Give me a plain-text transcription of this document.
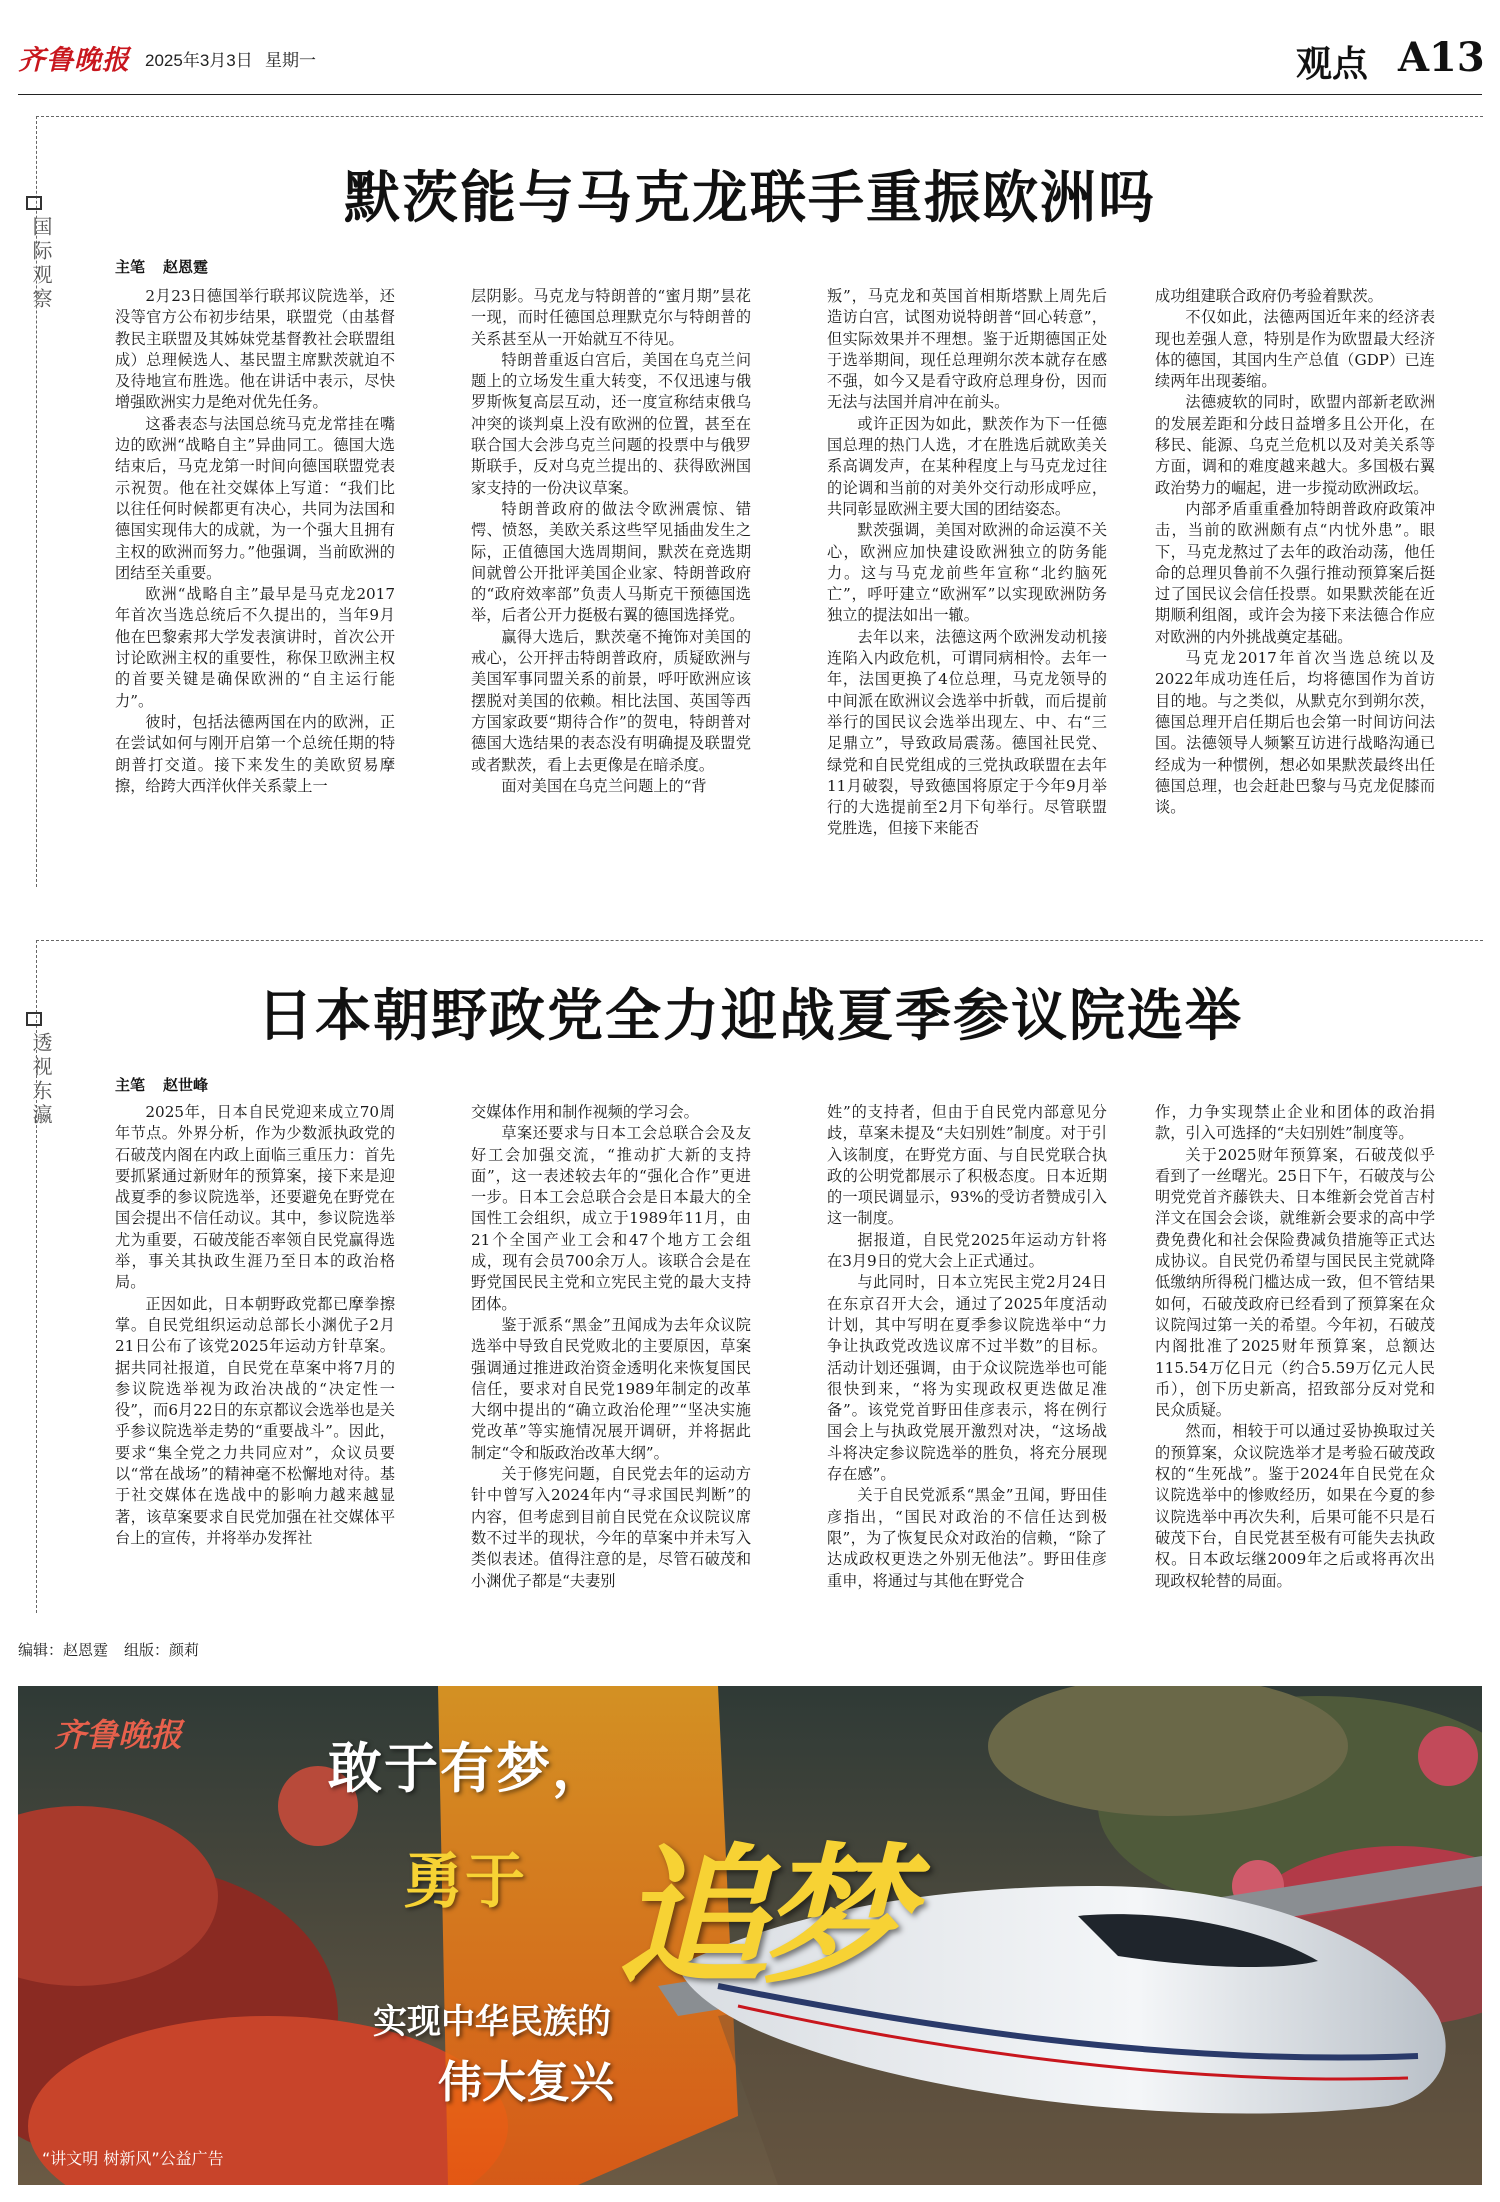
齐鲁晚报 2025年3月3日 星期一	观点 A13
默茨能与马克龙联手重振欧洲吗
国际观察	主笔 赵恩霆

2月23日德国举行联邦议院选举，还没等官方公布初步结果，联盟党（由基督教民主联盟及其姊妹党基督教社会联盟组成）总理候选人、基民盟主席默茨就迫不及待地宣布胜选。他在讲话中表示，尽快增强欧洲实力是绝对优先任务。

这番表态与法国总统马克龙常挂在嘴边的欧洲“战略自主”异曲同工。德国大选结束后，马克龙第一时间向德国联盟党表示祝贺。他在社交媒体上写道：“我们比以往任何时候都更有决心，共同为法国和德国实现伟大的成就，为一个强大且拥有主权的欧洲而努力。”他强调，当前欧洲的团结至关重要。

欧洲“战略自主”最早是马克龙2017年首次当选总统后不久提出的，当年9月他在巴黎索邦大学发表演讲时，首次公开讨论欧洲主权的重要性，称保卫欧洲主权的首要关键是确保欧洲的“自主运行能力”。

彼时，包括法德两国在内的欧洲，正在尝试如何与刚开启第一个总统任期的特朗普打交道。接下来发生的美欧贸易摩擦，给跨大西洋伙伴关系蒙上一

层阴影。马克龙与特朗普的“蜜月期”昙花一现，而时任德国总理默克尔与特朗普的关系甚至从一开始就互不待见。

特朗普重返白宫后，美国在乌克兰问题上的立场发生重大转变，不仅迅速与俄罗斯恢复高层互动，还一度宣称结束俄乌冲突的谈判桌上没有欧洲的位置，甚至在联合国大会涉乌克兰问题的投票中与俄罗斯联手，反对乌克兰提出的、获得欧洲国家支持的一份决议草案。

特朗普政府的做法令欧洲震惊、错愕、愤怒，美欧关系这些罕见插曲发生之际，正值德国大选周期间，默茨在竞选期间就曾公开批评美国企业家、特朗普政府的“政府效率部”负责人马斯克干预德国选举，后者公开力挺极右翼的德国选择党。

赢得大选后，默茨毫不掩饰对美国的戒心，公开抨击特朗普政府，质疑欧洲与美国军事同盟关系的前景，呼吁欧洲应该摆脱对美国的依赖。相比法国、英国等西方国家政要“期待合作”的贺电，特朗普对德国大选结果的表态没有明确提及联盟党或者默茨，看上去更像是在暗杀度。

面对美国在乌克兰问题上的“背

叛”，马克龙和英国首相斯塔默上周先后造访白宫，试图劝说特朗普“回心转意”，但实际效果并不理想。鉴于近期德国正处于选举期间，现任总理朔尔茨本就存在感不强，如今又是看守政府总理身份，因而无法与法国并肩冲在前头。

或许正因为如此，默茨作为下一任德国总理的热门人选，才在胜选后就欧美关系高调发声，在某种程度上与马克龙过往的论调和当前的对美外交行动形成呼应，共同彰显欧洲主要大国的团结姿态。

默茨强调，美国对欧洲的命运漠不关心，欧洲应加快建设欧洲独立的防务能力。这与马克龙前些年宣称“北约脑死亡”，呼吁建立“欧洲军”以实现欧洲防务独立的提法如出一辙。

去年以来，法德这两个欧洲发动机接连陷入内政危机，可谓同病相怜。去年一年，法国更换了4位总理，马克龙领导的中间派在欧洲议会选举中折戟，而后提前举行的国民议会选举出现左、中、右“三足鼎立”，导致政局震荡。德国社民党、绿党和自民党组成的三党执政联盟在去年11月破裂，导致德国将原定于今年9月举行的大选提前至2月下旬举行。尽管联盟党胜选，但接下来能否

成功组建联合政府仍考验着默茨。

不仅如此，法德两国近年来的经济表现也差强人意，特别是作为欧盟最大经济体的德国，其国内生产总值（GDP）已连续两年出现萎缩。

法德疲软的同时，欧盟内部新老欧洲的发展差距和分歧日益增多且公开化，在移民、能源、乌克兰危机以及对美关系等方面，调和的难度越来越大。多国极右翼政治势力的崛起，进一步搅动欧洲政坛。

内部矛盾重重叠加特朗普政府政策冲击，当前的欧洲颇有点“内忧外患”。眼下，马克龙熬过了去年的政治动荡，他任命的总理贝鲁前不久强行推动预算案后挺过了国民议会信任投票。如果默茨能在近期顺利组阁，或许会为接下来法德合作应对欧洲的内外挑战奠定基础。

马克龙2017年首次当选总统以及2022年成功连任后，均将德国作为首访目的地。与之类似，从默克尔到朔尔茨，德国总理开启任期后也会第一时间访问法国。法德领导人频繁互访进行战略沟通已经成为一种惯例，想必如果默茨最终出任德国总理，也会赶赴巴黎与马克龙促膝而谈。

日本朝野政党全力迎战夏季参议院选举
透视东瀛	主笔 赵世峰

2025年，日本自民党迎来成立70周年节点。外界分析，作为少数派执政党的石破茂内阁在内政上面临三重压力：首先要抓紧通过新财年的预算案，接下来是迎战夏季的参议院选举，还要避免在野党在国会提出不信任动议。其中，参议院选举尤为重要，石破茂能否率领自民党赢得选举，事关其执政生涯乃至日本的政治格局。

正因如此，日本朝野政党都已摩拳擦掌。自民党组织运动总部长小渊优子2月21日公布了该党2025年运动方针草案。据共同社报道，自民党在草案中将7月的参议院选举视为政治决战的“决定性一役”，而6月22日的东京都议会选举也是关乎参议院选举走势的“重要战斗”。因此，要求“集全党之力共同应对”，众议员要以“常在战场”的精神毫不松懈地对待。基于社交媒体在选战中的影响力越来越显著，该草案要求自民党加强在社交媒体平台上的宣传，并将举办发挥社

交媒体作用和制作视频的学习会。

草案还要求与日本工会总联合会及友好工会加强交流，“推动扩大新的支持面”，这一表述较去年的“强化合作”更进一步。日本工会总联合会是日本最大的全国性工会组织，成立于1989年11月，由21个全国产业工会和47个地方工会组成，现有会员700余万人。该联合会是在野党国民民主党和立宪民主党的最大支持团体。

鉴于派系“黑金”丑闻成为去年众议院选举中导致自民党败北的主要原因，草案强调通过推进政治资金透明化来恢复国民信任，要求对自民党1989年制定的改革大纲中提出的“确立政治伦理”“坚决实施党改革”等实施情况展开调研，并将据此制定“令和版政治改革大纲”。

关于修宪问题，自民党去年的运动方针中曾写入2024年内“寻求国民判断”的内容，但考虑到目前自民党在众议院议席数不过半的现状，今年的草案中并未写入类似表述。值得注意的是，尽管石破茂和小渊优子都是“夫妻别

姓”的支持者，但由于自民党内部意见分歧，草案未提及“夫妇别姓”制度。对于引入该制度，在野党方面、与自民党联合执政的公明党都展示了积极态度。日本近期的一项民调显示，93%的受访者赞成引入这一制度。

据报道，自民党2025年运动方针将在3月9日的党大会上正式通过。

与此同时，日本立宪民主党2月24日在东京召开大会，通过了2025年度活动计划，其中写明在夏季参议院选举中“力争让执政党改选议席不过半数”的目标。活动计划还强调，由于众议院选举也可能很快到来，“将为实现政权更迭做足准备”。该党党首野田佳彦表示，将在例行国会上与执政党展开激烈对决，“这场战斗将决定参议院选举的胜负，将充分展现存在感”。

关于自民党派系“黑金”丑闻，野田佳彦指出，“国民对政治的不信任达到极限”，为了恢复民众对政治的信赖，“除了达成政权更迭之外别无他法”。野田佳彦重申，将通过与其他在野党合

作，力争实现禁止企业和团体的政治捐款，引入可选择的“夫妇别姓”制度等。

关于2025财年预算案，石破茂似乎看到了一丝曙光。25日下午，石破茂与公明党党首齐藤铁夫、日本维新会党首吉村洋文在国会会谈，就维新会要求的高中学费免费化和社会保险费减负措施等正式达成协议。自民党仍希望与国民民主党就降低缴纳所得税门槛达成一致，但不管结果如何，石破茂政府已经看到了预算案在众议院闯过第一关的希望。今年初，石破茂内阁批准了2025财年预算案，总额达115.54万亿日元（约合5.59万亿元人民币），创下历史新高，招致部分反对党和民众质疑。

然而，相较于可以通过妥协换取过关的预算案，众议院选举才是考验石破茂政权的“生死战”。鉴于2024年自民党在众议院选举中的惨败经历，如果在今夏的参议院选举中再次失利，后果可能不只是石破茂下台，自民党甚至极有可能失去执政权。日本政坛继2009年之后或将再次出现政权轮替的局面。

编辑：赵恩霆 组版：颜莉
齐鲁晚报
敢于有梦，
勇于 追梦
实现中华民族的
伟大复兴
“讲文明 树新风”公益广告
